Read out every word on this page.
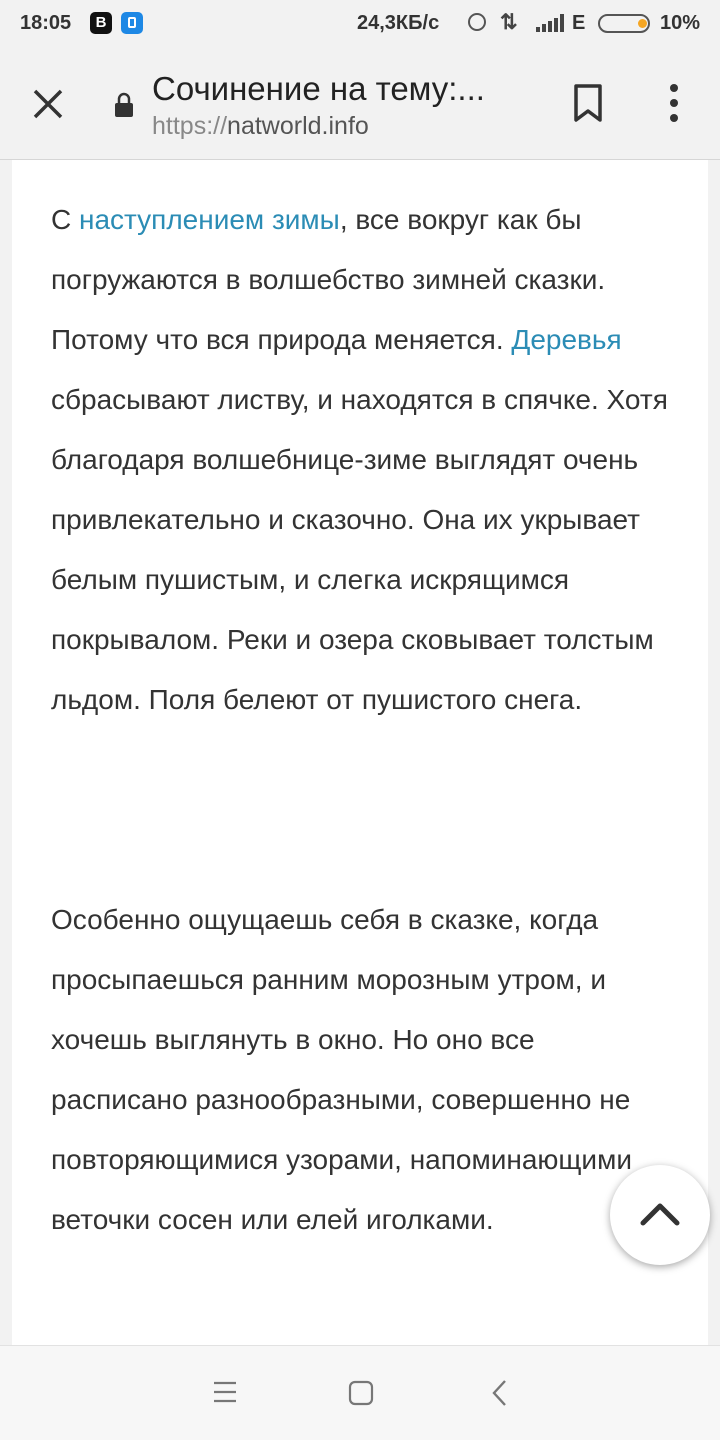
18:05	B	24,3КБ/с	⇅	E	10%
Сочинение на тему:...
https://natworld.info

С наступлением зимы, все вокруг как бы погружаются в волшебство зимней сказки. Потому что вся природа меняется. Деревья сбрасывают листву, и находятся в спячке. Хотя благодаря волшебнице-зиме выглядят очень привлекательно и сказочно. Она их укрывает белым пушистым, и слегка искрящимся покрывалом. Реки и озера сковывает толстым льдом. Поля белеют от пушистого снега.

Особенно ощущаешь себя в сказке, когда просыпаешься ранним морозным утром, и хочешь выглянуть в окно. Но оно все расписано разнообразными, совершенно не повторяющимися узорами, напоминающими веточки сосен или елей иголками.
